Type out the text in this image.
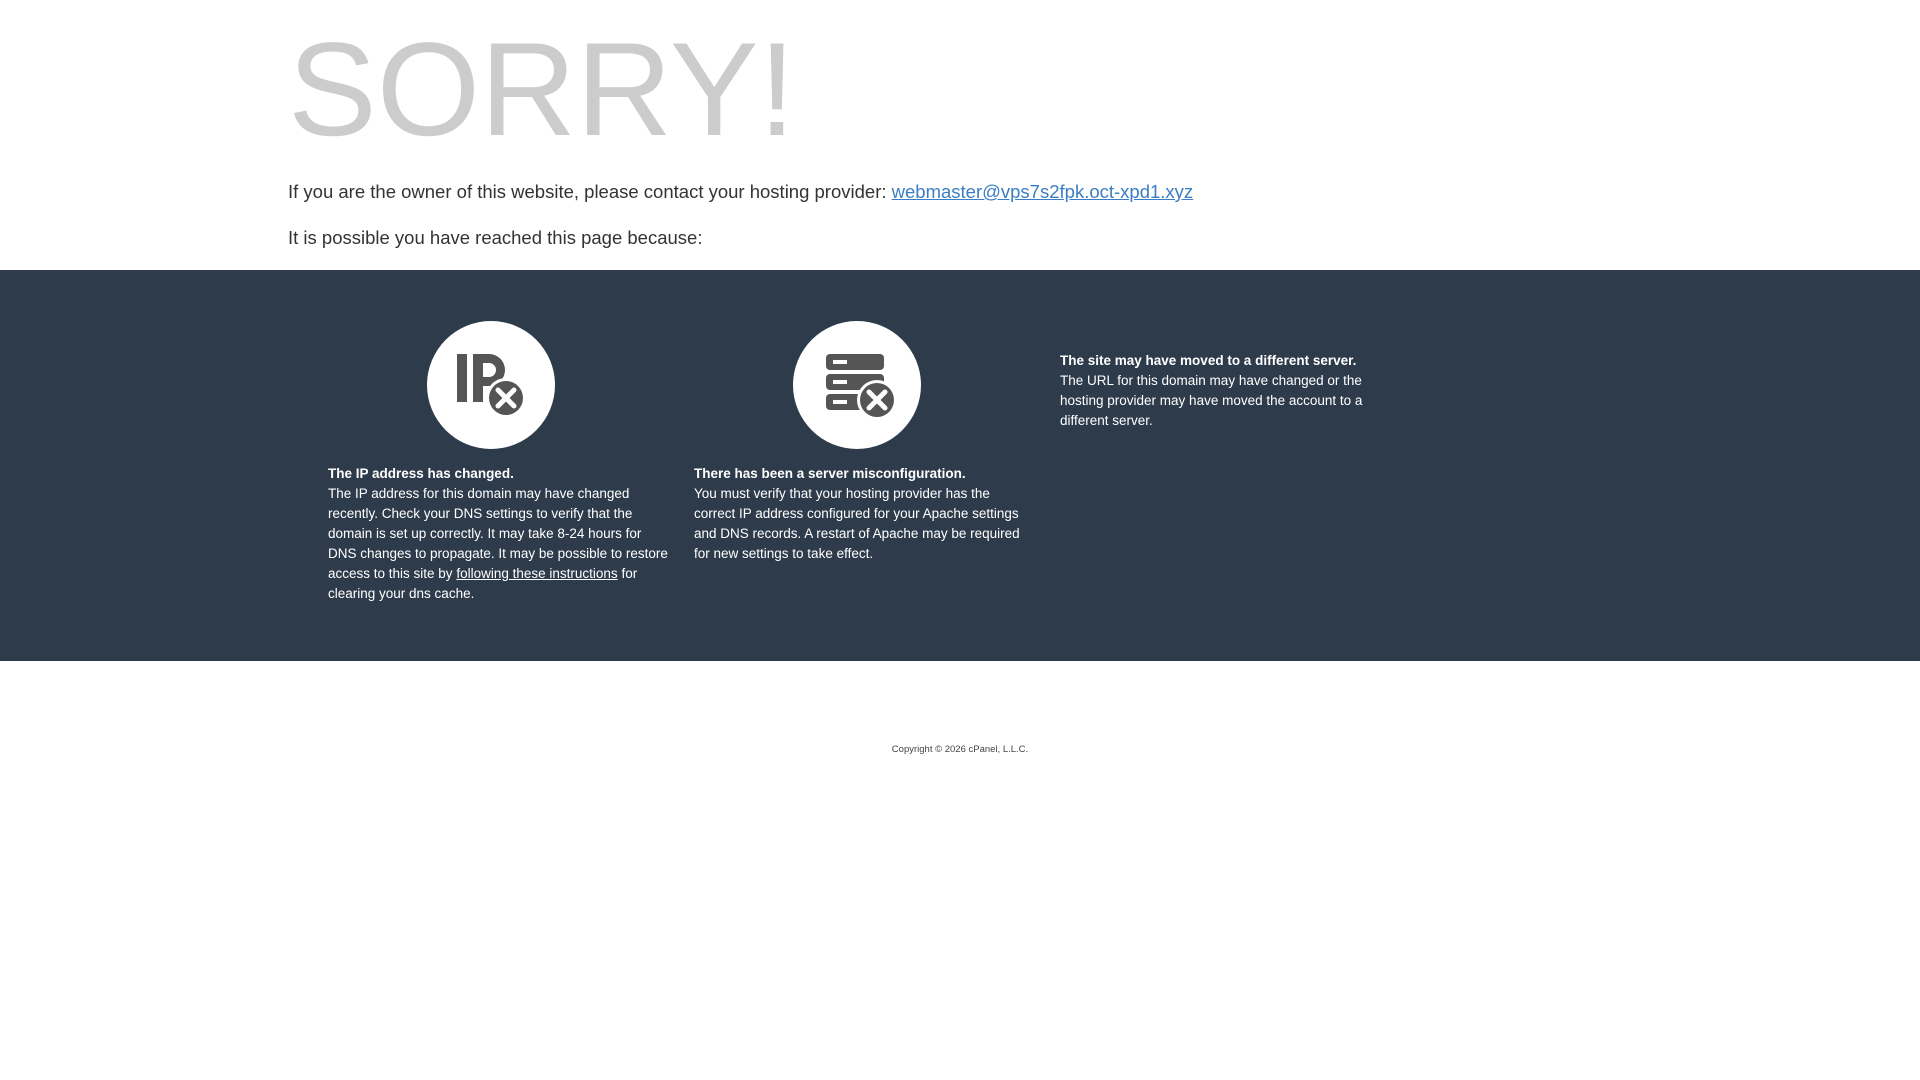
SORRY!
If you are the owner of this website, please contact your hosting provider: webmaster@vps7s2fpk.oct-xpd1.xyz
It is possible you have reached this page because:
The IP address has changed.
The IP address for this domain may have changed recently. Check your DNS settings to verify that the domain is set up correctly. It may take 8-24 hours for DNS changes to propagate. It may be possible to restore access to this site by following these instructions for clearing your dns cache.
There has been a server misconfiguration.
You must verify that your hosting provider has the correct IP address configured for your Apache settings and DNS records. A restart of Apache may be required for new settings to take effect.
The site may have moved to a different server.
The URL for this domain may have changed or the hosting provider may have moved the account to a different server.
Copyright © 2026 cPanel, L.L.C.
